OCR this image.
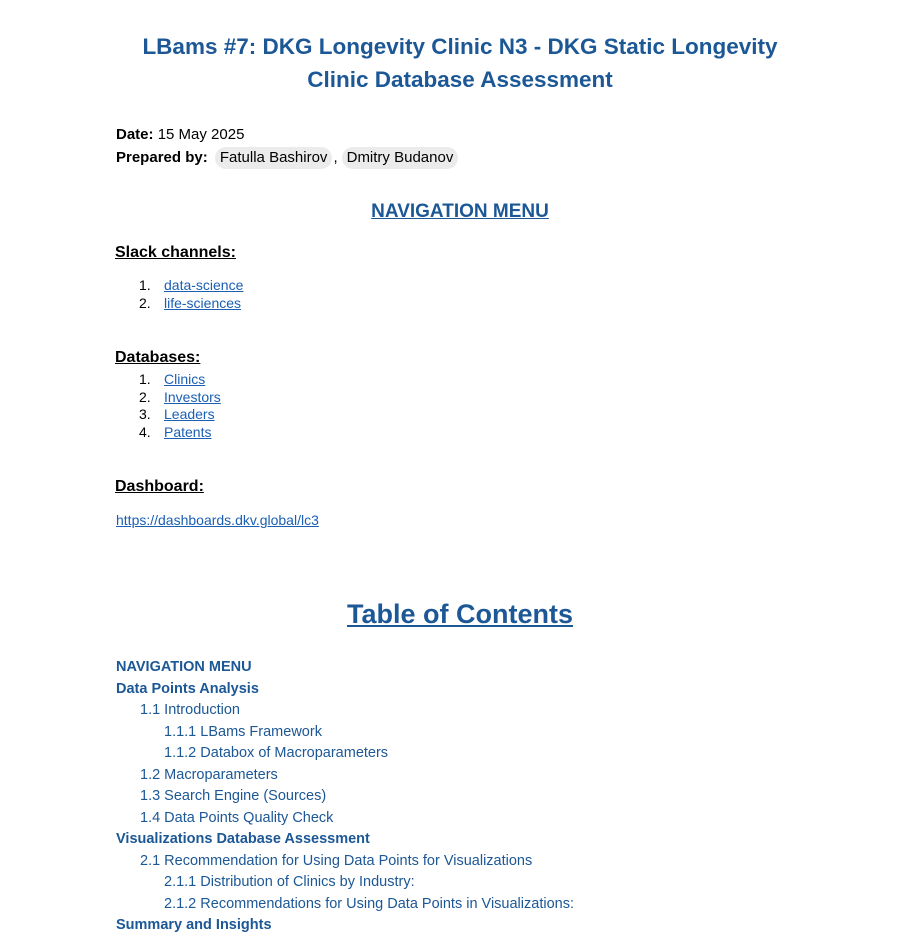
LBams #7: DKG Longevity Clinic N3 - DKG Static Longevity Clinic Database Assessment
Date: 15 May 2025
Prepared by: Fatulla Bashirov , Dmitry Budanov
NAVIGATION MENU
Slack channels:
1. data-science
2. life-sciences
Databases:
1. Clinics
2. Investors
3. Leaders
4. Patents
Dashboard:
https://dashboards.dkv.global/lc3
Table of Contents
NAVIGATION MENU
Data Points Analysis
1.1 Introduction
1.1.1 LBams Framework
1.1.2 Databox of Macroparameters
1.2 Macroparameters
1.3 Search Engine (Sources)
1.4 Data Points Quality Check
Visualizations Database Assessment
2.1 Recommendation for Using Data Points for Visualizations
2.1.1 Distribution of Clinics by Industry:
2.1.2 Recommendations for Using Data Points in Visualizations:
Summary and Insights
